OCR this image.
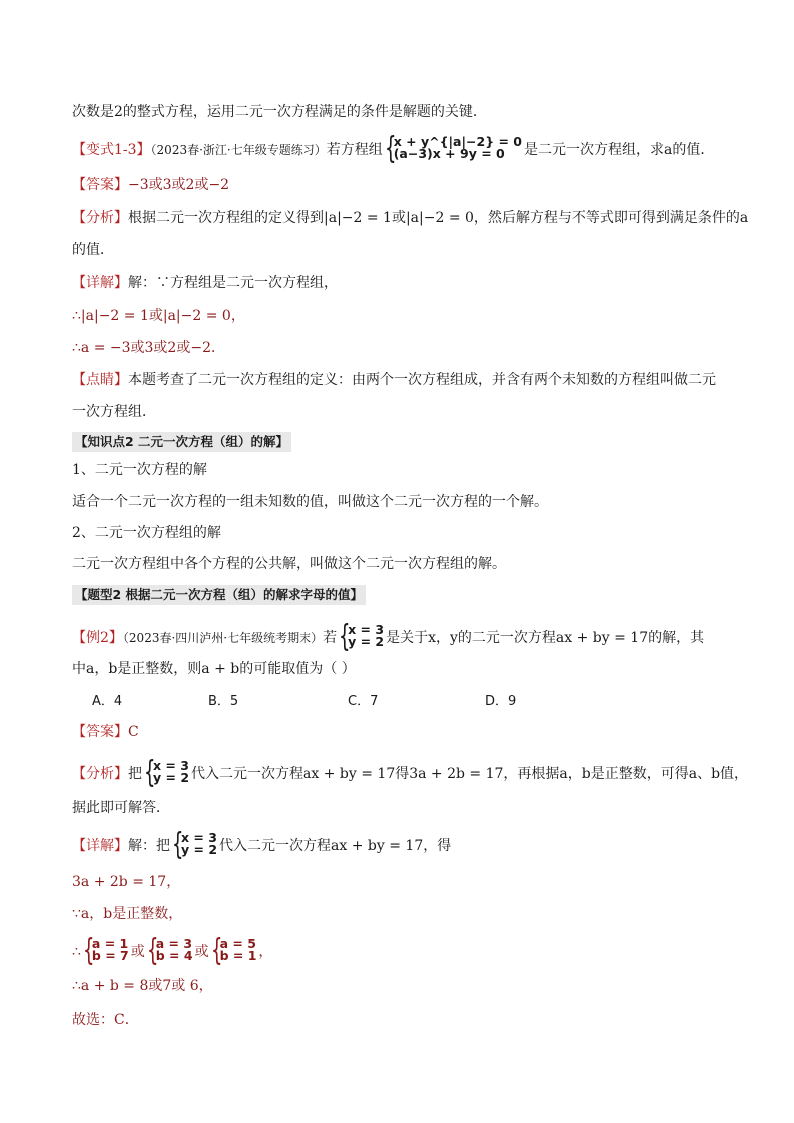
次数是2的整式方程，运用二元一次方程满足的条件是解题的关键．
【变式1-3】（2023春·浙江·七年级专题练习）若方程组 {
x + y^{|a|−2} = 0
(a−3)x + 9y = 0	是二元一次方程组，求a的值．
【答案】−3或3或2或−2
【分析】根据二元一次方程组的定义得到|a|−2 = 1或|a|−2 = 0，然后解方程与不等式即可得到满足条件的a
的值．
【详解】解：∵方程组是二元一次方程组，
∴|a|−2 = 1或|a|−2 = 0，
∴a = −3或3或2或−2．
【点睛】本题考查了二元一次方程组的定义：由两个一次方程组成，并含有两个未知数的方程组叫做二元
一次方程组．
【知识点2 二元一次方程（组）的解】
1、二元一次方程的解
适合一个二元一次方程的一组未知数的值，叫做这个二元一次方程的一个解。
2、二元一次方程组的解
二元一次方程组中各个方程的公共解，叫做这个二元一次方程组的解。
【题型2 根据二元一次方程（组）的解求字母的值】
【例2】（2023春·四川泸州·七年级统考期末）若 {
x = 3
y = 2 是关于x，y的二元一次方程ax + by = 17的解，其
中a，b是正整数，则a + b的可能取值为（ ）
A．4	B．5	C．7	D．9
【答案】C
【分析】把 {
x = 3
y = 2 代入二元一次方程ax + by = 17得3a + 2b = 17，再根据a，b是正整数，可得a、b值，
据此即可解答．
【详解】解：把 {
x = 3
y = 2 代入二元一次方程ax + by = 17，得
3a + 2b = 17，
∵a，b是正整数，
∴ {
a = 1
b = 7 或 {
a = 3
b = 4 或 {
a = 5
b = 1 ，
∴a + b = 8或7或 6，
故选：C．
